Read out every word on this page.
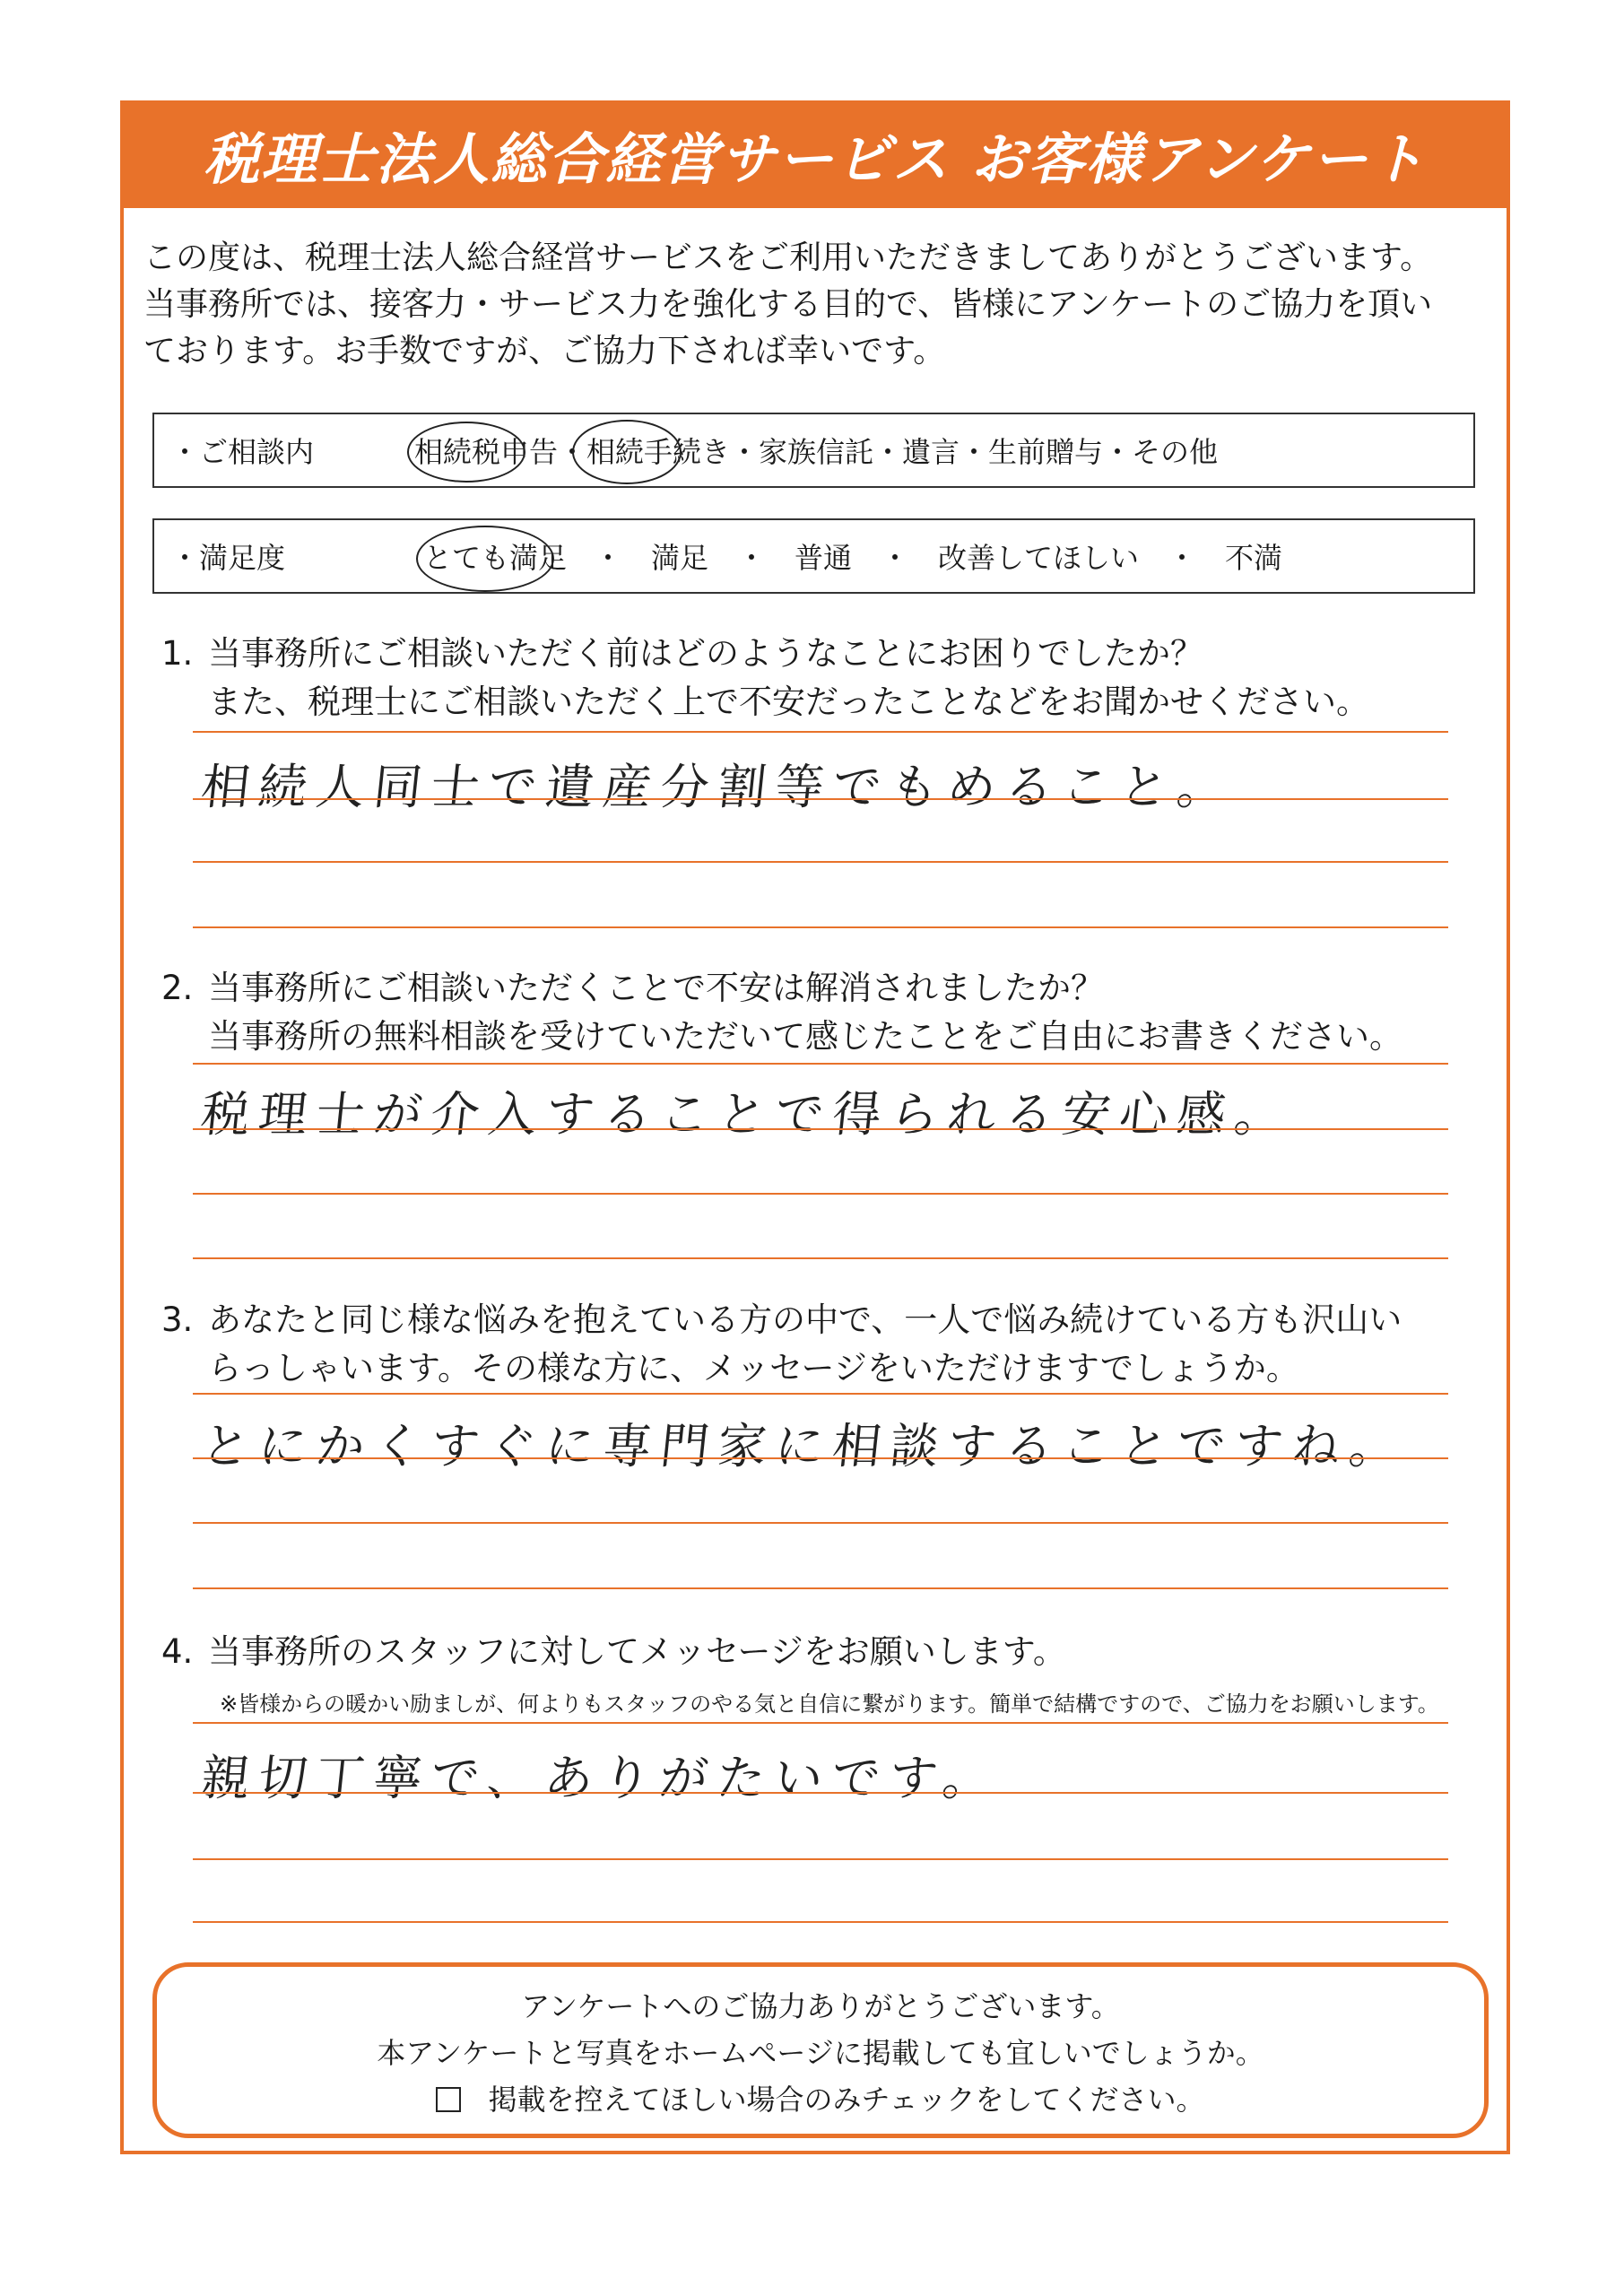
税理士法人総合経営サービス お客様アンケート

この度は、税理士法人総合経営サービスをご利用いただきましてありがとうございます。

当事務所では、接客力・サービス力を強化する目的で、皆様にアンケートのご協力を頂い

ております。お手数ですが、ご協力下されば幸いです。

・ご相談内	相続税申告・ 相続手続き ・家族信託・遺言・生前贈与・その他
・満足度	とても満足 ・　満足　・　普通　・　改善してほしい　・　不満

1. 当事務所にご相談いただく前はどのようなことにお困りでしたか？

また、税理士にご相談いただく上で不安だったことなどをお聞かせください。

相続人同士で遺産分割等でもめること。

2. 当事務所にご相談いただくことで不安は解消されましたか？

当事務所の無料相談を受けていただいて感じたことをご自由にお書きください。

税理士が介入することで得られる安心感。

3. あなたと同じ様な悩みを抱えている方の中で、一人で悩み続けている方も沢山い

らっしゃいます。その様な方に、メッセージをいただけますでしょうか。

とにかくすぐに専門家に相談することですね。

4. 当事務所のスタッフに対してメッセージをお願いします。

※皆様からの暖かい励ましが、何よりもスタッフのやる気と自信に繋がります。簡単で結構ですので、ご協力をお願いします。
親切丁寧で、ありがたいです。

アンケートへのご協力ありがとうございます。

本アンケートと写真をホームページに掲載しても宜しいでしょうか。

掲載を控えてほしい場合のみチェックをしてください。
